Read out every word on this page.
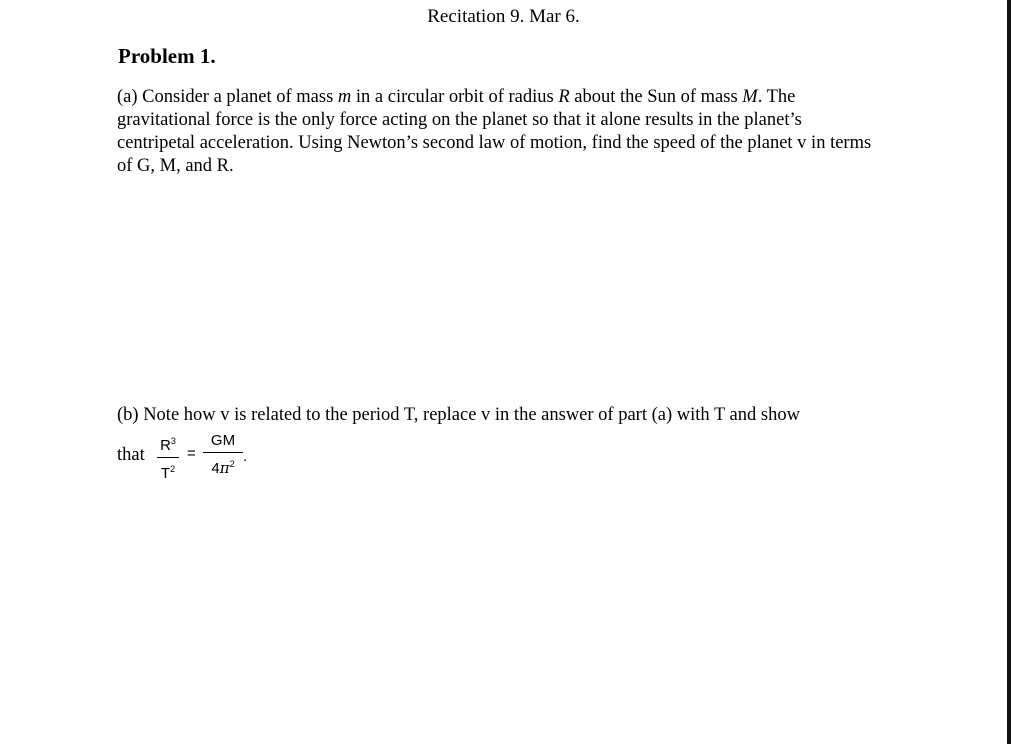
Recitation 9. Mar 6.
Problem 1.

(a) Consider a planet of mass m in a circular orbit of radius R about the Sun of mass M. The gravitational force is the only force acting on the planet so that it alone results in the planet’s centripetal acceleration. Using Newton’s second law of motion, find the speed of the planet v in terms of G, M, and R.

(b) Note how v is related to the period T, replace v in the answer of part (a) with T and show
that $R^3$
$T^2$
=
GM
$4\pi^2$ .
